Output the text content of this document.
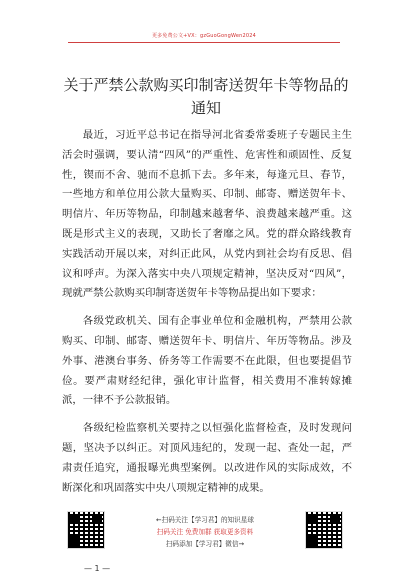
更多免费公文+VX：gzGuoGongWen2024
关于严禁公款购买印制寄送贺年卡等物品的通知

最近，习近平总书记在指导河北省委常委班子专题民主生活会时强调，要认清“四风”的严重性、危害性和顽固性、反复性，锲而不舍、驰而不息抓下去。多年来，每逢元旦、春节，一些地方和单位用公款大量购买、印制、邮寄、赠送贺年卡、明信片、年历等物品，印制越来越奢华、浪费越来越严重。这既是形式主义的表现，又助长了奢靡之风。党的群众路线教育实践活动开展以来，对纠正此风，从党内到社会均有反思、倡议和呼声。为深入落实中央八项规定精神，坚决反对“四风”，现就严禁公款购买印制寄送贺年卡等物品提出如下要求：

各级党政机关、国有企事业单位和金融机构，严禁用公款购买、印制、邮寄、赠送贺年卡、明信片、年历等物品。涉及外事、港澳台事务、侨务等工作需要不在此限，但也要提倡节俭。要严肃财经纪律，强化审计监督，相关费用不准转嫁摊派，一律不予公款报销。

各级纪检监察机关要持之以恒强化监督检查，及时发现问题，坚决予以纠正。对顶风违纪的，发现一起、查处一起，严肃责任追究，通报曝光典型案例。以改进作风的实际成效，不断深化和巩固落实中央八项规定精神的成果。

←扫码关注【学习君】的知识星球
扫码关注 免费加群 获取更多资料
扫码添加【学习君】微信→
— 1 —
